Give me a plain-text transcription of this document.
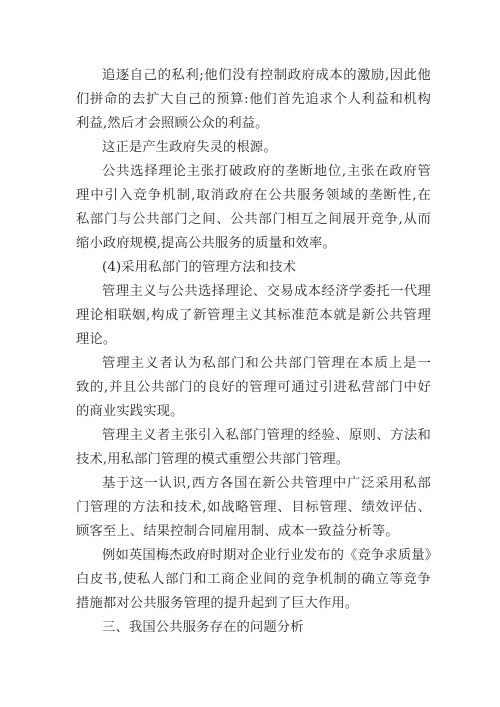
追逐自己的私利;他们没有控制政府成本的激励,因此他
们拼命的去扩大自己的预算:他们首先追求个人利益和机构
利益,然后才会照顾公众的利益。
这正是产生政府失灵的根源。
公共选择理论主张打破政府的垄断地位,主张在政府管
理中引入竞争机制,取消政府在公共服务领域的垄断性,在
私部门与公共部门之间、公共部门相互之间展开竞争,从而
缩小政府规模,提高公共服务的质量和效率。
(4)采用私部门的管理方法和技术
管理主义与公共选择理论、交易成本经济学委托一代理
理论相联姻,构成了新管理主义其标准范本就是新公共管理
理论。
管理主义者认为私部门和公共部门管理在本质上是一
致的,并且公共部门的良好的管理可通过引进私营部门中好
的商业实践实现。
管理主义者主张引入私部门管理的经验、原则、方法和
技术,用私部门管理的模式重塑公共部门管理。
基于这一认识,西方各国在新公共管理中广泛采用私部
门管理的方法和技术,如战略管理、目标管理、绩效评估、
顾客至上、结果控制合同雇用制、成本一致益分析等。
例如英国梅杰政府时期对企业行业发布的《竞争求质量》
白皮书,使私人部门和工商企业间的竞争机制的确立等竞争
措施都对公共服务管理的提升起到了巨大作用。
三、我国公共服务存在的问题分析
